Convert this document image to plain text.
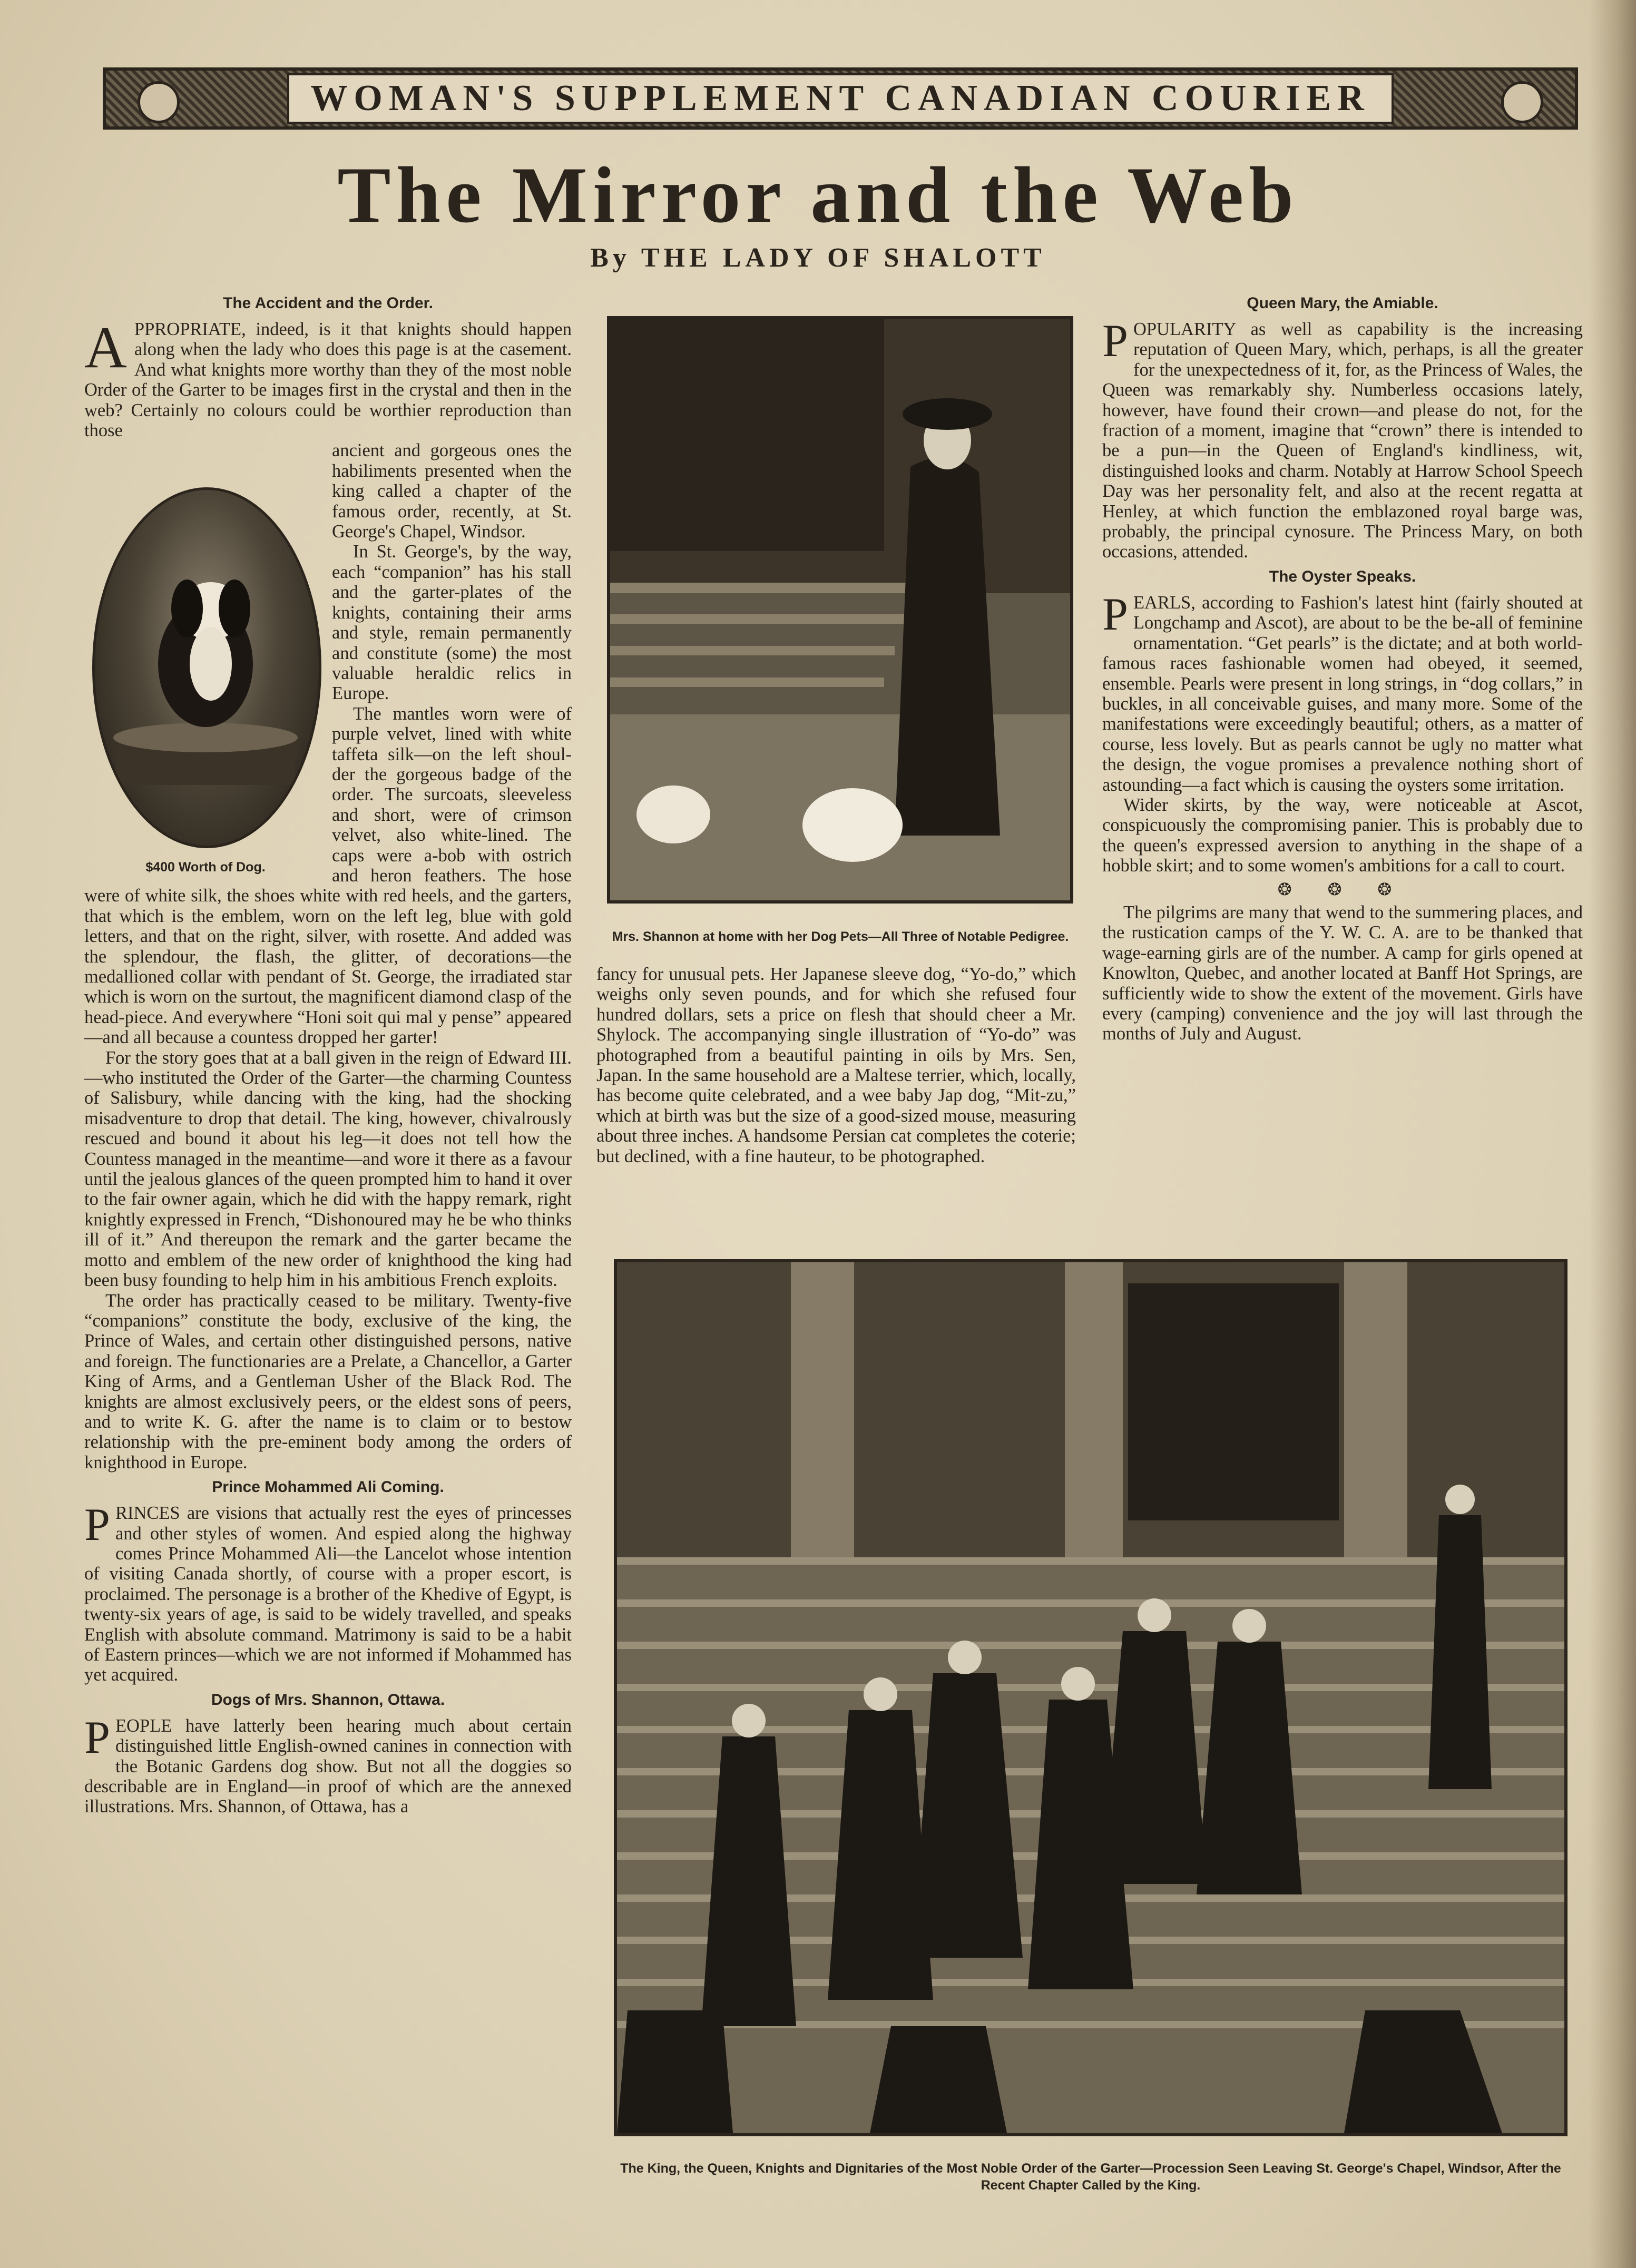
WOMAN'S SUPPLEMENT CANADIAN COURIER
The Mirror and the Web
By THE LADY OF SHALOTT
The Accident and the Order.

APPROPRIATE, indeed, is it that knights should happen along when the lady who does this page is at the casement. And what knights more worthy than they of the most noble Order of the Garter to be images first in the crystal and then in the web? Certainly no colours could be worthier reproduction than those

ancient and gorgeous ones the habiliments presented when the king called a chapter of the famous order, recently, at St. George's Chapel, Windsor.

In St. George's, by the way, each “companion” has his stall and the garter-plates of the knights, containing their arms and style, remain permanently and constitute (some) the most valuable heraldic relics in Europe.

The mantles worn were of purple velvet, lined with white taffeta silk—on the left shoul- der the gorgeous badge of the order. The surcoats, sleeveless and short, were of crimson velvet, also white-lined. The caps were a-bob with ostrich and heron feathers. The hose were of white silk, the shoes white with red heels, and the garters, that which is the emblem, worn on the left leg, blue with gold letters, and that on the right, silver, with rosette. And added was the splendour, the flash, the glitter, of decorations—the medallioned collar with pendant of St. George, the irradiated star which is worn on the surtout, the magnificent diamond clasp of the head-piece. And everywhere “Honi soit qui mal y pense” appeared—and all because a countess dropped her garter!

For the story goes that at a ball given in the reign of Edward III.—who instituted the Order of the Garter—the charming Countess of Salisbury, while dancing with the king, had the shocking misadventure to drop that detail. The king, however, chivalrously rescued and bound it about his leg—it does not tell how the Countess managed in the meantime—and wore it there as a favour until the jealous glances of the queen prompted him to hand it over to the fair owner again, which he did with the happy remark, right knightly expressed in French, “Dishonoured may he be who thinks ill of it.” And thereupon the remark and the garter became the motto and emblem of the new order of knighthood the king had been busy founding to help him in his ambitious French exploits.

The order has practically ceased to be military. Twenty-five “companions” constitute the body, exclusive of the king, the Prince of Wales, and certain other distinguished persons, native and foreign. The functionaries are a Prelate, a Chancellor, a Garter King of Arms, and a Gentleman Usher of the Black Rod. The knights are almost exclusively peers, or the eldest sons of peers, and to write K. G. after the name is to claim or to bestow relationship with the pre-eminent body among the orders of knighthood in Europe.

Prince Mohammed Ali Coming.

PRINCES are visions that actually rest the eyes of princesses and other styles of women. And espied along the highway comes Prince Mohammed Ali—the Lancelot whose intention of visiting Canada shortly, of course with a proper escort, is proclaimed. The personage is a brother of the Khedive of Egypt, is twenty-six years of age, is said to be widely travelled, and speaks English with absolute command. Matrimony is said to be a habit of Eastern princes—which we are not informed if Mohammed has yet acquired.

Dogs of Mrs. Shannon, Ottawa.

PEOPLE have latterly been hearing much about certain distinguished little English-owned canines in connection with the Botanic Gardens dog show. But not all the doggies so describable are in England—in proof of which are the annexed illustrations. Mrs. Shannon, of Ottawa, has a

$400 Worth of Dog.
Mrs. Shannon at home with her Dog Pets—All Three of Notable Pedigree.

fancy for unusual pets. Her Japanese sleeve dog, “Yo-do,” which weighs only seven pounds, and for which she refused four hundred dollars, sets a price on flesh that should cheer a Mr. Shylock. The accompanying single illustration of “Yo-do” was photographed from a beautiful painting in oils by Mrs. Sen, Japan. In the same household are a Maltese terrier, which, locally, has become quite celebrated, and a wee baby Jap dog, “Mit-zu,” which at birth was but the size of a good-sized mouse, measuring about three inches. A handsome Persian cat completes the coterie; but declined, with a fine hauteur, to be photographed.

Queen Mary, the Amiable.

POPULARITY as well as capability is the increasing reputation of Queen Mary, which, perhaps, is all the greater for the unexpectedness of it, for, as the Princess of Wales, the Queen was remarkably shy. Numberless occasions lately, however, have found their crown—and please do not, for the fraction of a moment, imagine that “crown” there is intended to be a pun—in the Queen of England's kindliness, wit, distinguished looks and charm. Notably at Harrow School Speech Day was her personality felt, and also at the recent regatta at Henley, at which function the emblazoned royal barge was, probably, the principal cynosure. The Princess Mary, on both occasions, attended.

The Oyster Speaks.

PEARLS, according to Fashion's latest hint (fairly shouted at Longchamp and Ascot), are about to be the be-all of feminine ornamentation. “Get pearls” is the dictate; and at both world-famous races fashionable women had obeyed, it seemed, ensemble. Pearls were present in long strings, in “dog collars,” in buckles, in all conceivable guises, and many more. Some of the manifestations were exceedingly beautiful; others, as a matter of course, less lovely. But as pearls cannot be ugly no matter what the design, the vogue promises a prevalence nothing short of astounding—a fact which is causing the oysters some irritation.

Wider skirts, by the way, were noticeable at Ascot, conspicuously the compromising panier. This is probably due to the queen's expressed aversion to anything in the shape of a hobble skirt; and to some women's ambitions for a call to court.

❂ ❂ ❂

The pilgrims are many that wend to the summering places, and the rustication camps of the Y. W. C. A. are to be thanked that wage-earning girls are of the number. A camp for girls opened at Knowlton, Quebec, and another located at Banff Hot Springs, are sufficiently wide to show the extent of the movement. Girls have every (camping) convenience and the joy will last through the months of July and August.

The King, the Queen, Knights and Dignitaries of the Most Noble Order of the Garter—Procession Seen Leaving St. George's Chapel, Windsor, After the Recent Chapter Called by the King.
